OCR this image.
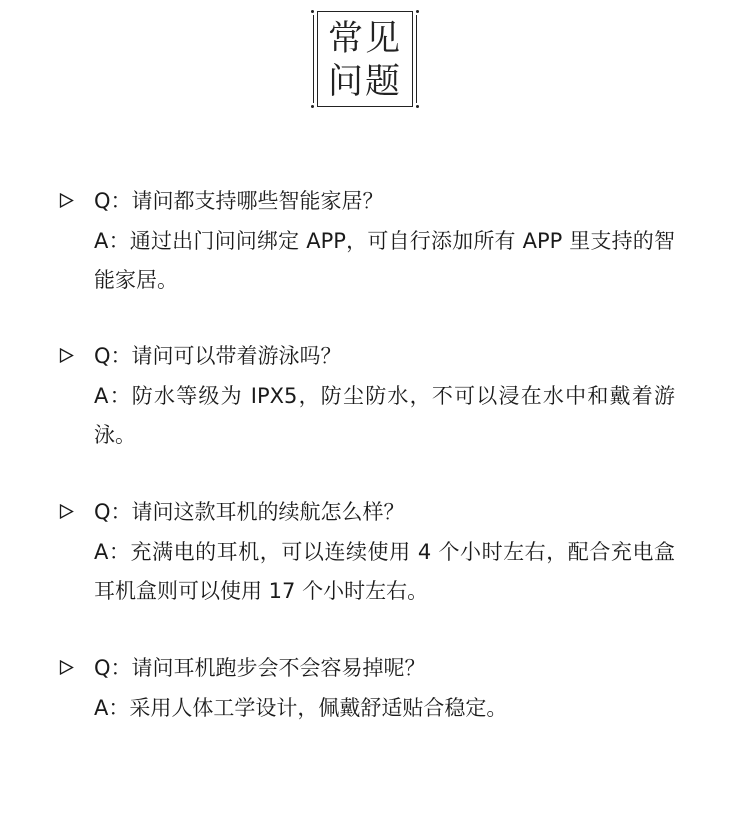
常见
问题
Q：请问都支持哪些智能家居？
A：通过出门问问绑定 APP，可自行添加所有 APP 里支持的智能家居。
Q：请问可以带着游泳吗？
A：防水等级为 IPX5，防尘防水，不可以浸在水中和戴着游泳。
Q：请问这款耳机的续航怎么样？
A：充满电的耳机，可以连续使用 4 个小时左右，配合充电盒耳机盒则可以使用 17 个小时左右。
Q：请问耳机跑步会不会容易掉呢？
A：采用人体工学设计，佩戴舒适贴合稳定。
